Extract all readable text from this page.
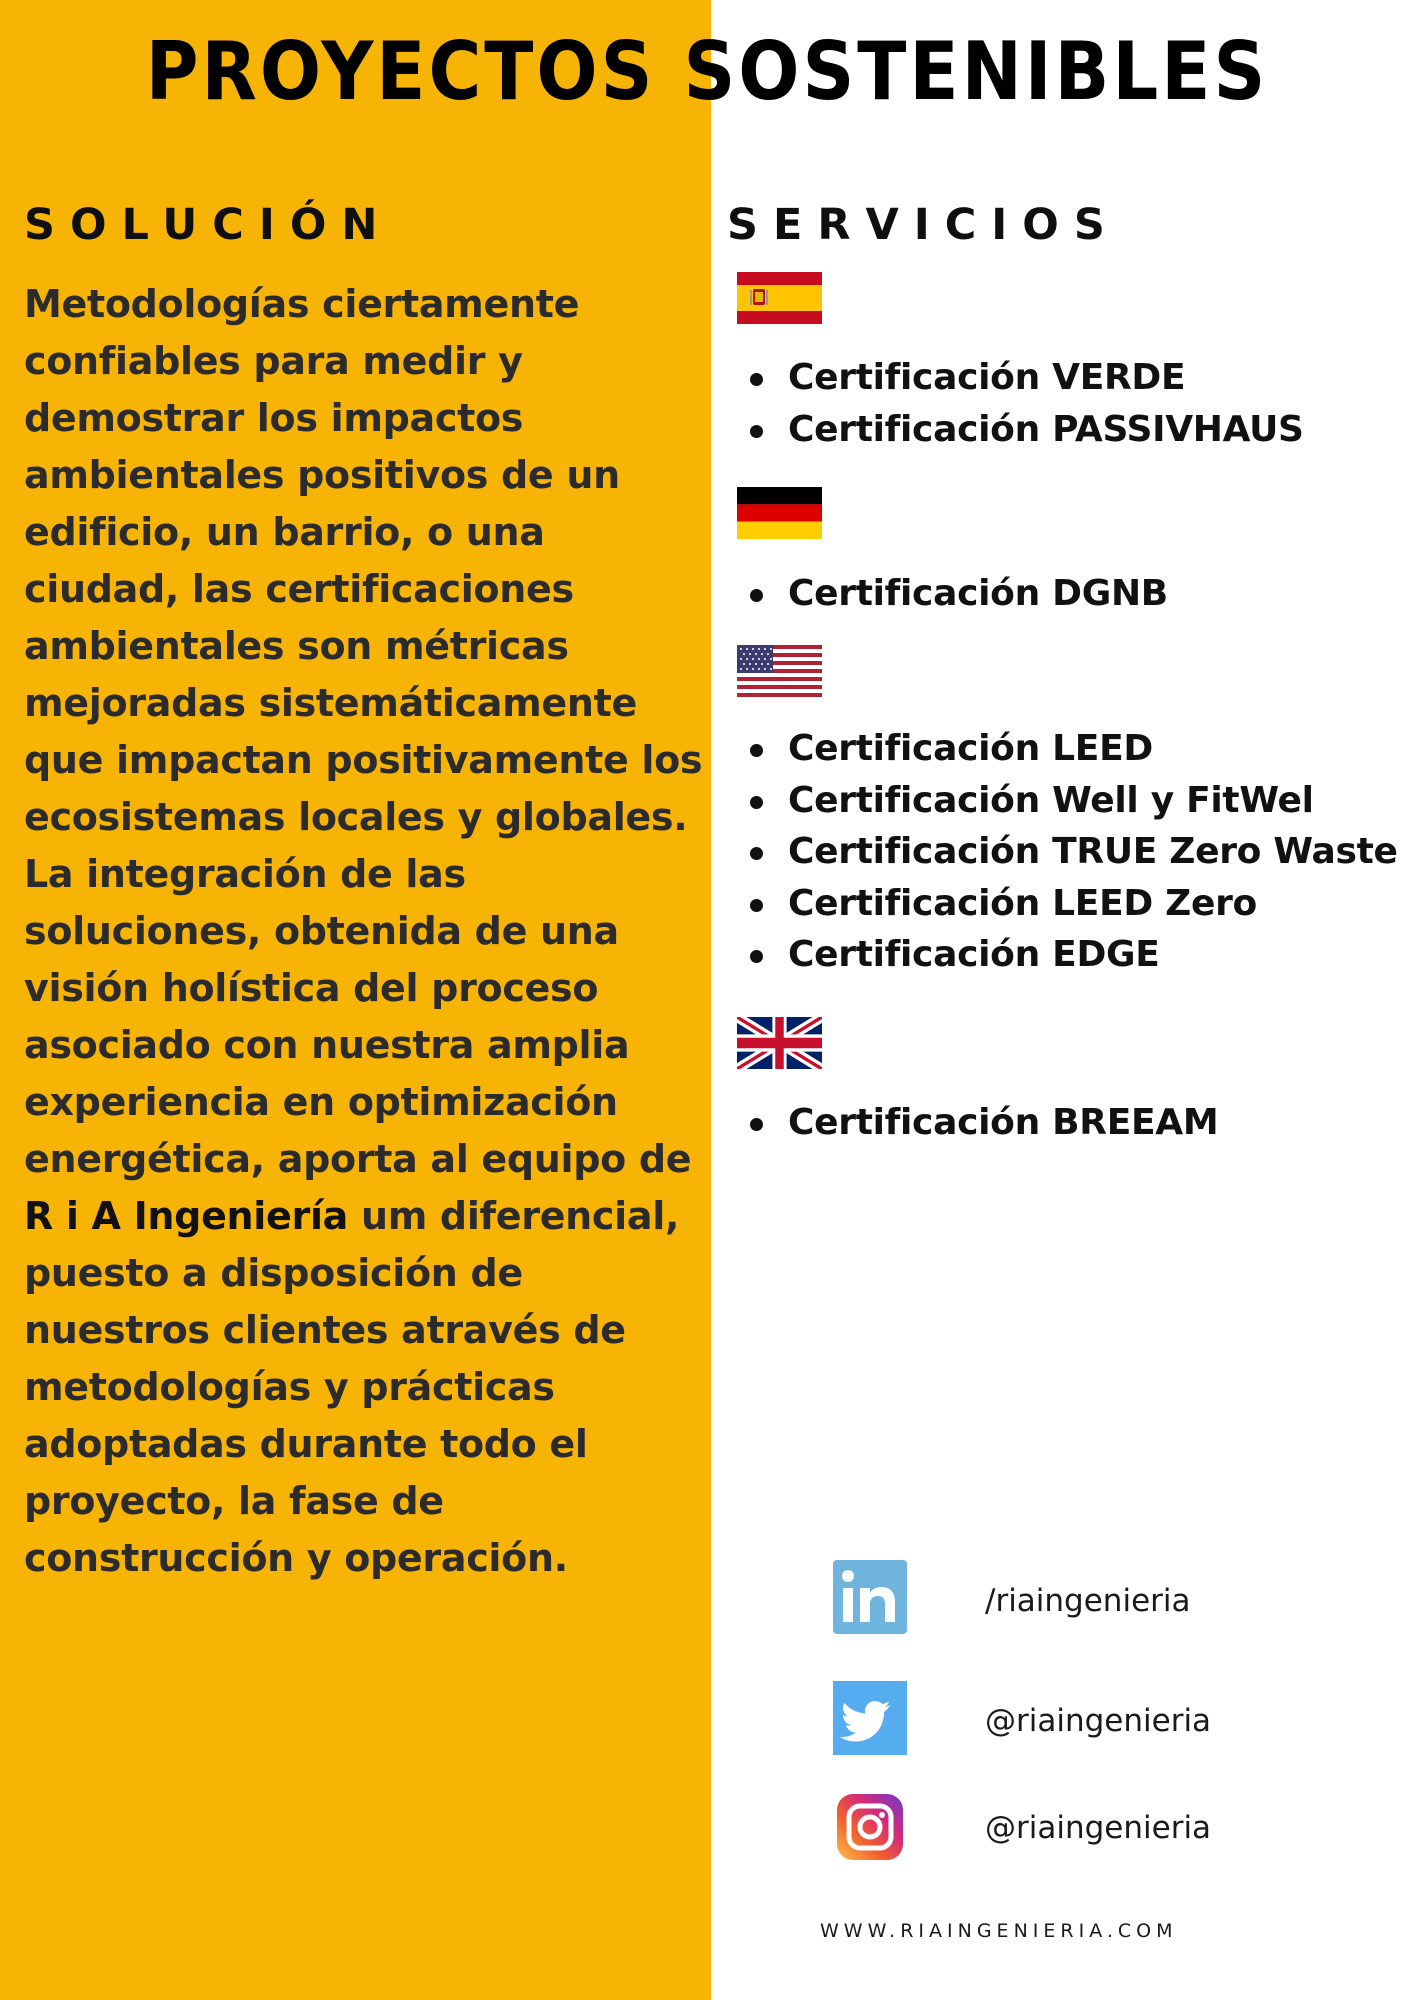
PROYECTOS SOSTENIBLES
SOLUCIÓN

Metodologías ciertamente confiables para medir y demostrar los impactos ambientales positivos de un edificio, un barrio, o una ciudad, las certificaciones ambientales son métricas mejoradas sistemáticamente que impactan positivamente los ecosistemas locales y globales. La integración de las soluciones, obtenida de una visión holística del proceso asociado con nuestra amplia experiencia en optimización energética, aporta al equipo de R i A Ingeniería um diferencial, puesto a disposición de nuestros clientes através de metodologías y prácticas adoptadas durante todo el proyecto, la fase de construcción y operación.

SERVICIOS
Certificación VERDE
Certificación PASSIVHAUS
Certificación DGNB
Certificación LEED
Certificación Well y FitWel
Certificación TRUE Zero Waste
Certificación LEED Zero
Certificación EDGE
Certificación BREEAM
/riaingenieria
@riaingenieria
@riaingenieria
WWW.RIAINGENIERIA.COM
